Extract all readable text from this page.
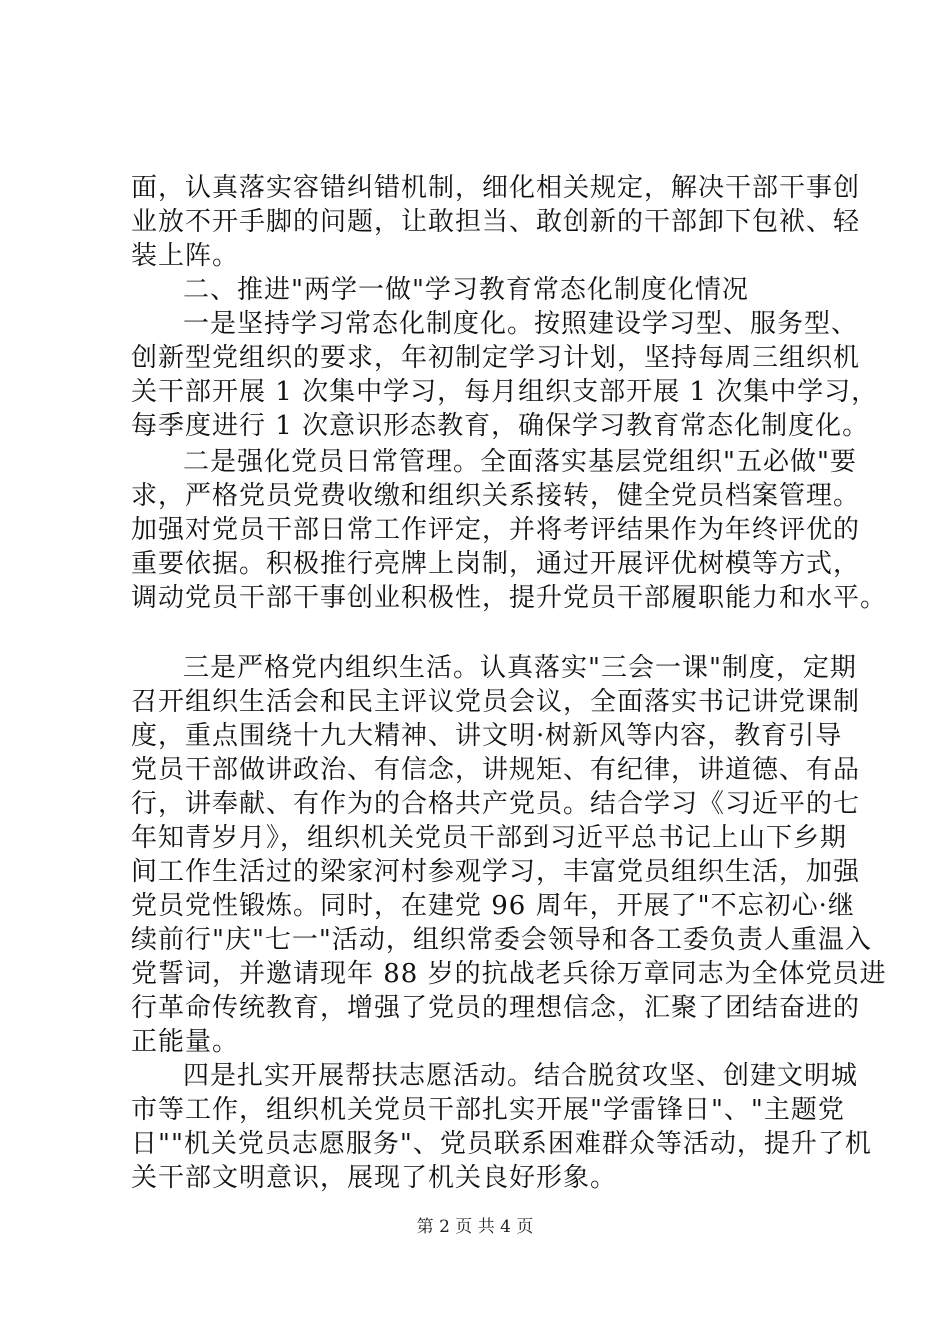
面，认真落实容错纠错机制，细化相关规定，解决干部干事创
业放不开手脚的问题，让敢担当、敢创新的干部卸下包袱、轻
装上阵。
二、推进"两学一做"学习教育常态化制度化情况
一是坚持学习常态化制度化。按照建设学习型、服务型、
创新型党组织的要求，年初制定学习计划，坚持每周三组织机
关干部开展 1 次集中学习，每月组织支部开展 1 次集中学习，
每季度进行 1 次意识形态教育，确保学习教育常态化制度化。
二是强化党员日常管理。全面落实基层党组织"五必做"要
求，严格党员党费收缴和组织关系接转，健全党员档案管理。
加强对党员干部日常工作评定，并将考评结果作为年终评优的
重要依据。积极推行亮牌上岗制，通过开展评优树模等方式，
调动党员干部干事创业积极性，提升党员干部履职能力和水平。
三是严格党内组织生活。认真落实"三会一课"制度，定期
召开组织生活会和民主评议党员会议，全面落实书记讲党课制
度，重点围绕十九大精神、讲文明·树新风等内容，教育引导
党员干部做讲政治、有信念，讲规矩、有纪律，讲道德、有品
行，讲奉献、有作为的合格共产党员。结合学习《习近平的七
年知青岁月》，组织机关党员干部到习近平总书记上山下乡期
间工作生活过的梁家河村参观学习，丰富党员组织生活，加强
党员党性锻炼。同时，在建党 96 周年，开展了"不忘初心·继
续前行"庆"七一"活动，组织常委会领导和各工委负责人重温入
党誓词，并邀请现年 88 岁的抗战老兵徐万章同志为全体党员进
行革命传统教育，增强了党员的理想信念，汇聚了团结奋进的
正能量。
四是扎实开展帮扶志愿活动。结合脱贫攻坚、创建文明城
市等工作，组织机关党员干部扎实开展"学雷锋日"、"主题党
日""机关党员志愿服务"、党员联系困难群众等活动，提升了机
关干部文明意识，展现了机关良好形象。
第 2 页 共 4 页
